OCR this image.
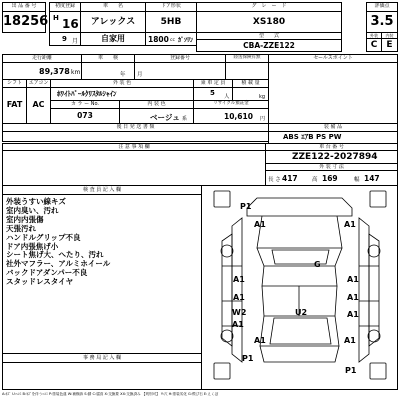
出 品 番 号
18256
初度登録
H 16
車　　名
アレックス
ドア形状
5HB
グ　レ　ー　ド
XS180
評価点
3.5
9 月	自家用	1800 cc ｶﾞｿﾘﾝ
型　　式
CBA-ZZE122
外装	内装
C	E
走行距離
89,378 km
車　　検
年
登録番号
月
陸送保険有無	セールスポイント
シフト	エアコン
FAT	AC
外 装 色
ﾎﾜｲﾄﾊﾟｰﾙｸﾘｽﾀﾙｼｬｲﾝ
乗 車 定 員
5 人
積 載 量
kg
カ ラ ー No.
073
内 装 色
ベージュ 系
リサイクル預託金
10,610 円
後 日 発 送 書 類	装 備 品
ABS ｴｱB PS PW
注 意 事 項 欄	車 台 番 号
ZZE122-2027894
外 装 寸 法
長 さ 417	高 169	幅 147
検 査 員 記 入 欄
外装うすい線キズ
室内臭い、汚れ
室内内張傷
天張汚れ
ハンドルグリップ不良
ドア内張焦げ小
シート焦げ大、へたり、汚れ
社外マフラー、アルミホイール
バックドアダンパー不良
スタッドレスタイヤ
事 務 局 記 入 欄
P1
A1	A1
G
A1	A1
A1	A1
W2	U2
A1
A1
A1	A1
P1
P1
A:ｷｽﾞ U:ﾍｺﾐ B:ｷｽﾞを伴うﾍｺﾐ P:塗装色違 W:補修跡 S:錆 C:腐食 X:交換要 XX:交換済み 【判別可】 Y:穴 H:塗装劣化 G:飛び石 E:えくぼ
